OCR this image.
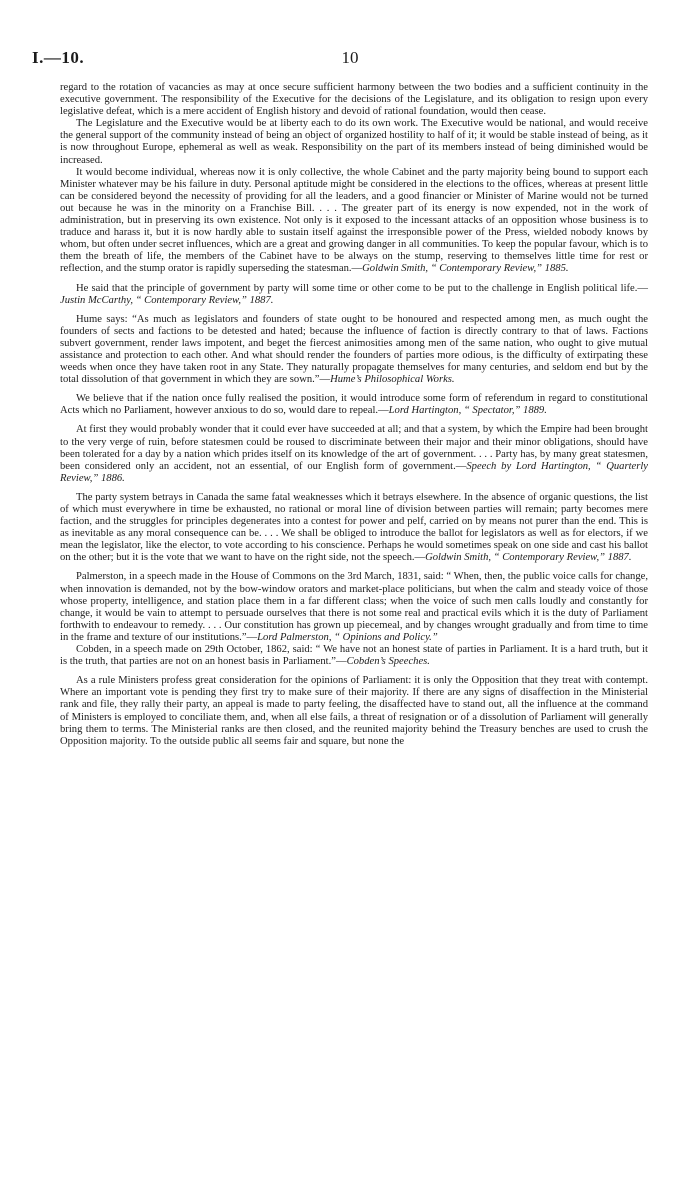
I.—10.	10

regard to the rotation of vacancies as may at once secure sufficient harmony between the two bodies and a sufficient continuity in the executive government. The responsibility of the Executive for the decisions of the Legislature, and its obligation to resign upon every legislative defeat, which is a mere accident of English history and devoid of rational foundation, would then cease.

The Legislature and the Executive would be at liberty each to do its own work. The Executive would be national, and would receive the general support of the community instead of being an object of organized hostility to half of it; it would be stable instead of being, as it is now throughout Europe, ephemeral as well as weak. Responsibility on the part of its members instead of being diminished would be increased.

It would become individual, whereas now it is only collective, the whole Cabinet and the party majority being bound to support each Minister whatever may be his failure in duty. Personal aptitude might be considered in the elections to the offices, whereas at present little can be considered beyond the necessity of providing for all the leaders, and a good financier or Minister of Marine would not be turned out because he was in the minority on a Franchise Bill. . . . The greater part of its energy is now expended, not in the work of administration, but in preserving its own existence. Not only is it exposed to the incessant attacks of an opposition whose business is to traduce and harass it, but it is now hardly able to sustain itself against the irresponsible power of the Press, wielded nobody knows by whom, but often under secret influences, which are a great and growing danger in all communities. To keep the popular favour, which is to them the breath of life, the members of the Cabinet have to be always on the stump, reserving to themselves little time for rest or reflection, and the stump orator is rapidly superseding the statesman.—Goldwin Smith, “ Contemporary Review,” 1885.

He said that the principle of government by party will some time or other come to be put to the challenge in English political life.—Justin McCarthy, “ Contemporary Review,” 1887.

Hume says: “As much as legislators and founders of state ought to be honoured and respected among men, as much ought the founders of sects and factions to be detested and hated; because the influence of faction is directly contrary to that of laws. Factions subvert government, render laws impotent, and beget the fiercest animosities among men of the same nation, who ought to give mutual assistance and protection to each other. And what should render the founders of parties more odious, is the difficulty of extirpating these weeds when once they have taken root in any State. They naturally propagate themselves for many centuries, and seldom end but by the total dissolution of that government in which they are sown.”—Hume’s Philosophical Works.

We believe that if the nation once fully realised the position, it would introduce some form of referendum in regard to constitutional Acts which no Parliament, however anxious to do so, would dare to repeal.—Lord Hartington, “ Spectator,” 1889.

At first they would probably wonder that it could ever have succeeded at all; and that a system, by which the Empire had been brought to the very verge of ruin, before statesmen could be roused to discriminate between their major and their minor obligations, should have been tolerated for a day by a nation which prides itself on its knowledge of the art of government. . . . Party has, by many great statesmen, been considered only an accident, not an essential, of our English form of government.—Speech by Lord Hartington, “ Quarterly Review,” 1886.

The party system betrays in Canada the same fatal weaknesses which it betrays elsewhere. In the absence of organic questions, the list of which must everywhere in time be exhausted, no rational or moral line of division between parties will remain; party becomes mere faction, and the struggles for principles degenerates into a contest for power and pelf, carried on by means not purer than the end. This is as inevitable as any moral consequence can be. . . . We shall be obliged to introduce the ballot for legislators as well as for electors, if we mean the legislator, like the elector, to vote according to his conscience. Perhaps he would sometimes speak on one side and cast his ballot on the other; but it is the vote that we want to have on the right side, not the speech.—Goldwin Smith, “ Contemporary Review,” 1887.

Palmerston, in a speech made in the House of Commons on the 3rd March, 1831, said: “ When, then, the public voice calls for change, when innovation is demanded, not by the bow-window orators and market-place politicians, but when the calm and steady voice of those whose property, intelligence, and station place them in a far different class; when the voice of such men calls loudly and constantly for change, it would be vain to attempt to persuade ourselves that there is not some real and practical evils which it is the duty of Parliament forthwith to endeavour to remedy. . . . Our constitution has grown up piecemeal, and by changes wrought gradually and from time to time in the frame and texture of our institutions.”—Lord Palmerston, “ Opinions and Policy.”

Cobden, in a speech made on 29th October, 1862, said: “ We have not an honest state of parties in Parliament. It is a hard truth, but it is the truth, that parties are not on an honest basis in Parliament.”—Cobden’s Speeches.

As a rule Ministers profess great consideration for the opinions of Parliament: it is only the Opposition that they treat with contempt. Where an important vote is pending they first try to make sure of their majority. If there are any signs of disaffection in the Ministerial rank and file, they rally their party, an appeal is made to party feeling, the disaffected have to stand out, all the influence at the command of Ministers is employed to conciliate them, and, when all else fails, a threat of resignation or of a dissolution of Parliament will generally bring them to terms. The Ministerial ranks are then closed, and the reunited majority behind the Treasury benches are used to crush the Opposition majority. To the outside public all seems fair and square, but none the
